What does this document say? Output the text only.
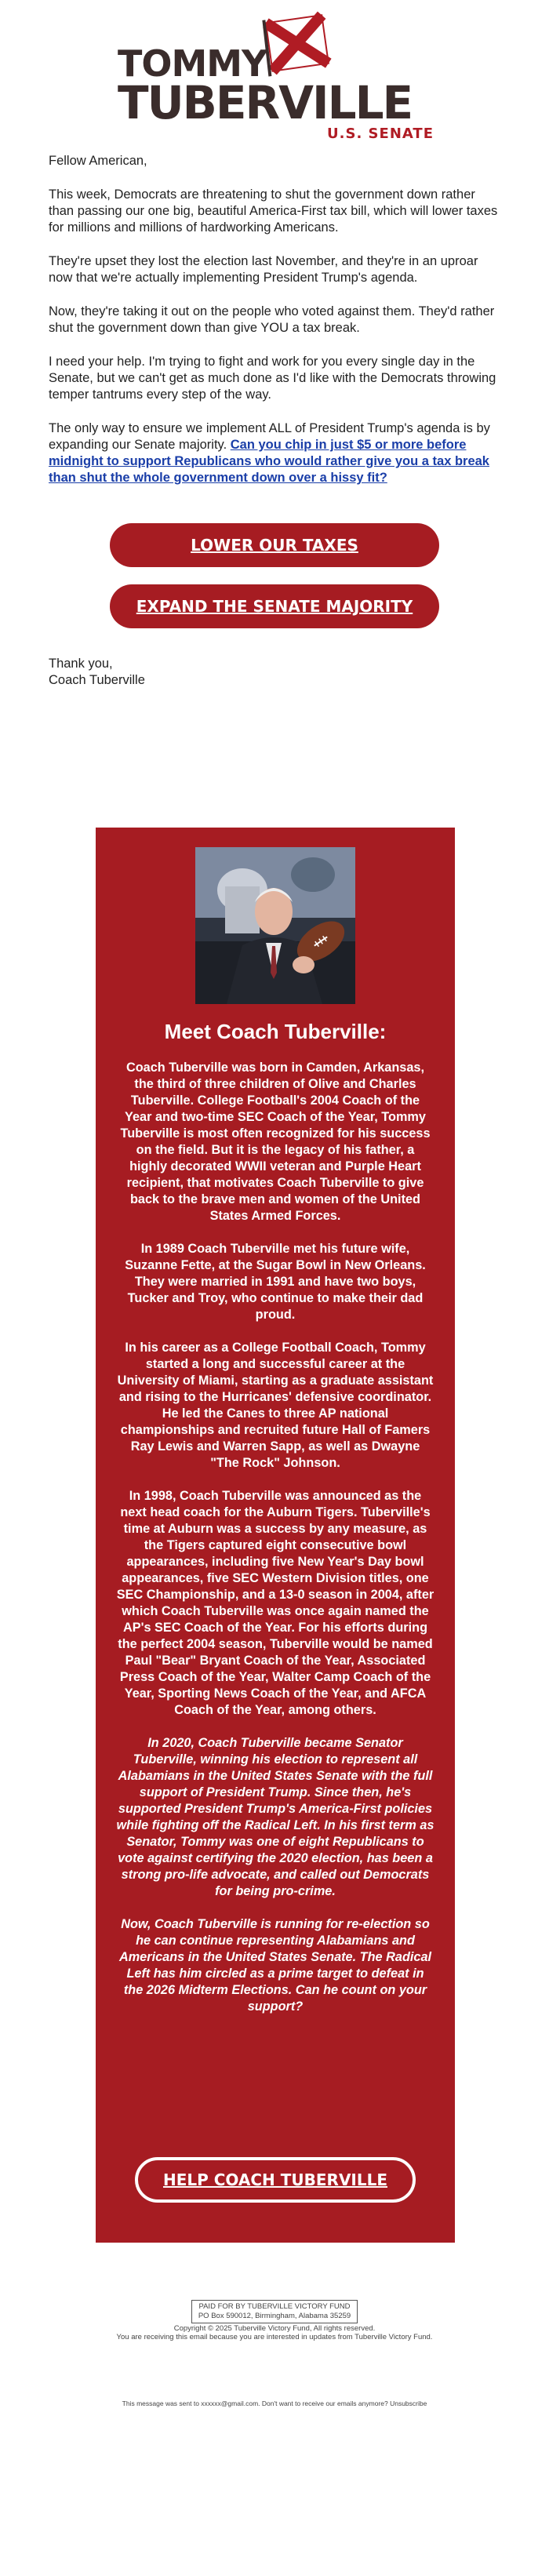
TOMMY
TUBERVILLE
U.S. SENATE

Fellow American,

This week, Democrats are threatening to shut the government down rather than passing our one big, beautiful America-First tax bill, which will lower taxes for millions and millions of hardworking Americans.

They're upset they lost the election last November, and they're in an uproar now that we're actually implementing President Trump's agenda.

Now, they're taking it out on the people who voted against them. They'd rather shut the government down than give YOU a tax break.

I need your help. I'm trying to fight and work for you every single day in the Senate, but we can't get as much done as I'd like with the Democrats throwing temper tantrums every step of the way.

The only way to ensure we implement ALL of President Trump's agenda is by expanding our Senate majority. Can you chip in just $5 or more before midnight to support Republicans who would rather give you a tax break than shut the whole government down over a hissy fit?

LOWER OUR TAXES
EXPAND THE SENATE MAJORITY
Thank you,
Coach Tuberville
Meet Coach Tuberville:

Coach Tuberville was born in Camden, Arkansas, the third of three children of Olive and Charles Tuberville. College Football's 2004 Coach of the Year and two-time SEC Coach of the Year, Tommy Tuberville is most often recognized for his success on the field. But it is the legacy of his father, a highly decorated WWII veteran and Purple Heart recipient, that motivates Coach Tuberville to give back to the brave men and women of the United States Armed Forces.

In 1989 Coach Tuberville met his future wife, Suzanne Fette, at the Sugar Bowl in New Orleans. They were married in 1991 and have two boys, Tucker and Troy, who continue to make their dad proud.

In his career as a College Football Coach, Tommy started a long and successful career at the University of Miami, starting as a graduate assistant and rising to the Hurricanes' defensive coordinator. He led the Canes to three AP national championships and recruited future Hall of Famers Ray Lewis and Warren Sapp, as well as Dwayne "The Rock" Johnson.

In 1998, Coach Tuberville was announced as the next head coach for the Auburn Tigers. Tuberville's time at Auburn was a success by any measure, as the Tigers captured eight consecutive bowl appearances, including five New Year's Day bowl appearances, five SEC Western Division titles, one SEC Championship, and a 13-0 season in 2004, after which Coach Tuberville was once again named the AP's SEC Coach of the Year. For his efforts during the perfect 2004 season, Tuberville would be named Paul "Bear" Bryant Coach of the Year, Associated Press Coach of the Year, Walter Camp Coach of the Year, Sporting News Coach of the Year, and AFCA Coach of the Year, among others.

In 2020, Coach Tuberville became Senator Tuberville, winning his election to represent all Alabamians in the United States Senate with the full support of President Trump. Since then, he's supported President Trump's America-First policies while fighting off the Radical Left. In his first term as Senator, Tommy was one of eight Republicans to vote against certifying the 2020 election, has been a strong pro-life advocate, and called out Democrats for being pro-crime.

Now, Coach Tuberville is running for re-election so he can continue representing Alabamians and Americans in the United States Senate. The Radical Left has him circled as a prime target to defeat in the 2026 Midterm Elections. Can he count on your support?

HELP COACH TUBERVILLE
PAID FOR BY TUBERVILLE VICTORY FUND
PO Box 590012, Birmingham, Alabama 35259
Copyright © 2025 Tuberville Victory Fund, All rights reserved.
You are receiving this email because you are interested in updates from Tuberville Victory Fund.
This message was sent to xxxxxx@gmail.com. Don't want to receive our emails anymore? Unsubscribe
